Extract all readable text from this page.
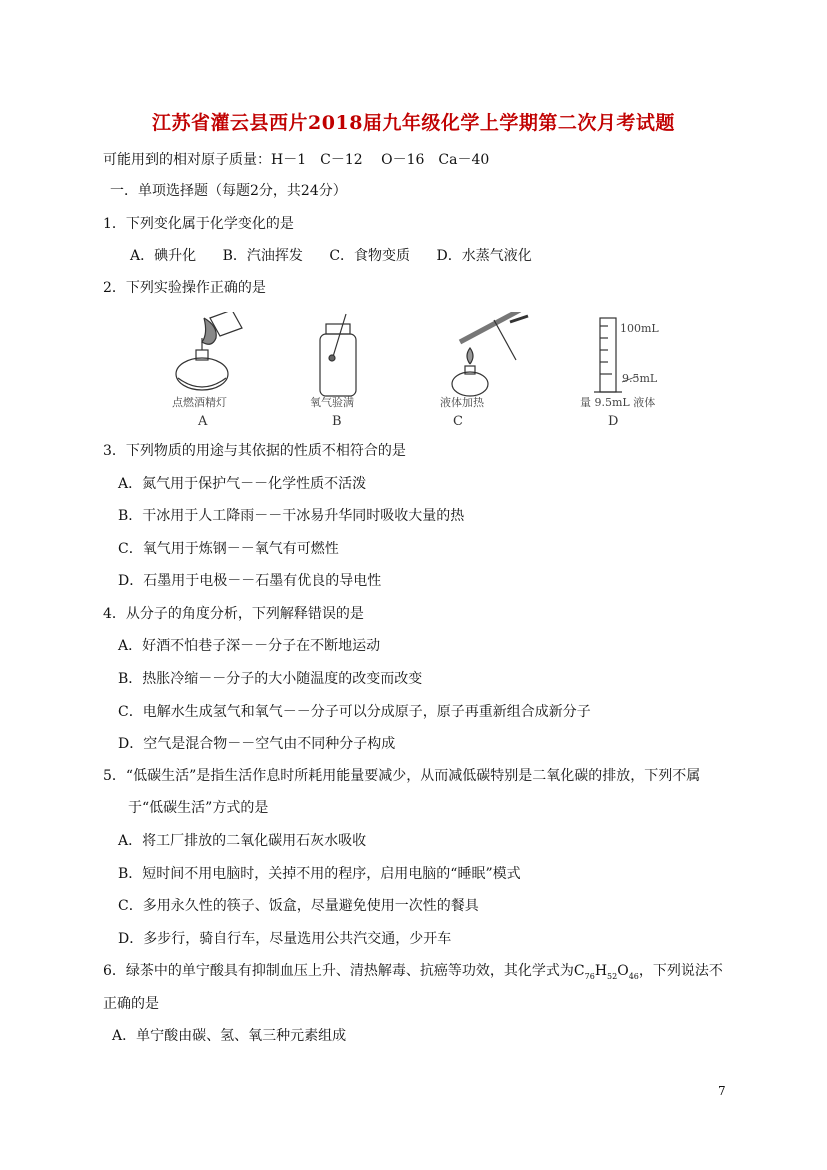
江苏省灌云县西片2018届九年级化学上学期第二次月考试题
可能用到的相对原子质量：H－1　C－12　 O－16　Ca－40
一．单项选择题（每题2分，共24分）
1．下列变化属于化学变化的是
A．碘升化 B．汽油挥发 C．食物变质 D．水蒸气液化
2．下列实验操作正确的是
100mL
9.5mL
点燃酒精灯	氧气验满	液体加热	量 9.5mL 液体
A	B	C	D
3．下列物质的用途与其依据的性质不相符合的是
A．氮气用于保护气－－化学性质不活泼
B．干冰用于人工降雨－－干冰易升华同时吸收大量的热
C．氧气用于炼钢－－氧气有可燃性
D．石墨用于电极－－石墨有优良的导电性
4．从分子的角度分析，下列解释错误的是
A．好酒不怕巷子深－－分子在不断地运动
B．热胀冷缩－－分子的大小随温度的改变而改变
C．电解水生成氢气和氧气－－分子可以分成原子，原子再重新组合成新分子
D．空气是混合物－－空气由不同种分子构成
5．“低碳生活”是指生活作息时所耗用能量要减少，从而减低碳特别是二氧化碳的排放，下列不属
于“低碳生活”方式的是
A．将工厂排放的二氧化碳用石灰水吸收
B．短时间不用电脑时，关掉不用的程序，启用电脑的“睡眠”模式
C．多用永久性的筷子、饭盒，尽量避免使用一次性的餐具
D．多步行，骑自行车，尽量选用公共汽交通，少开车
6．绿茶中的单宁酸具有抑制血压上升、清热解毒、抗癌等功效，其化学式为$C_{76}H_{52}O_{46}$，下列说法不
正确的是
A．单宁酸由碳、氢、氧三种元素组成
7
